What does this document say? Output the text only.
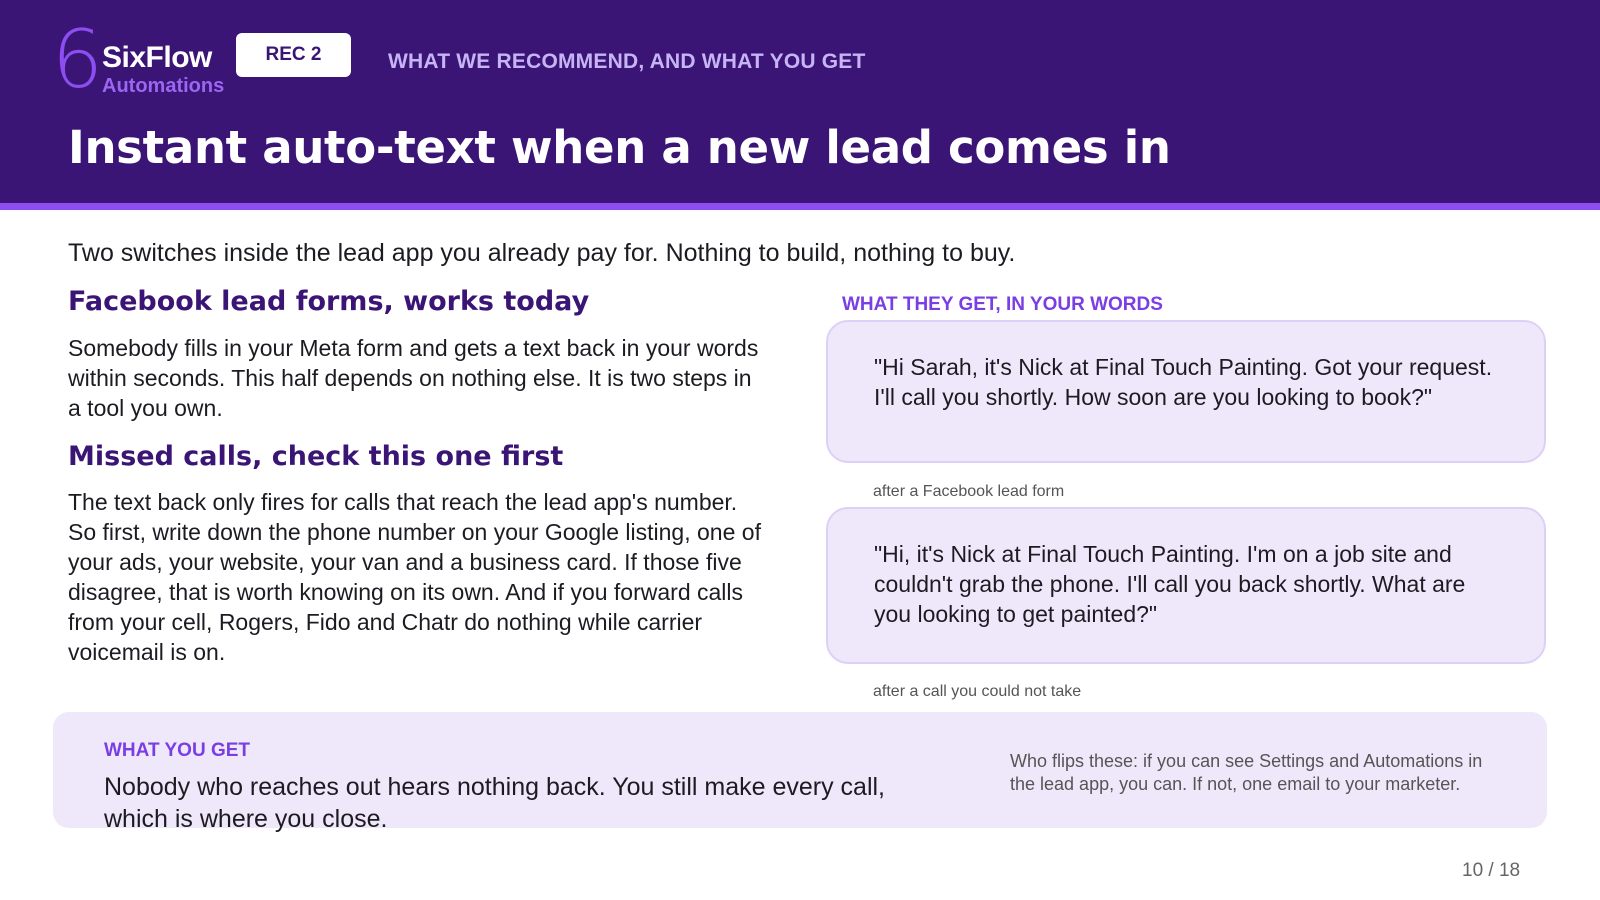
6 SixFlow
Automations
REC 2	WHAT WE RECOMMEND, AND WHAT YOU GET
Instant auto-text when a new lead comes in
Two switches inside the lead app you already pay for. Nothing to build, nothing to buy.
Facebook lead forms, works today
Somebody fills in your Meta form and gets a text back in your words within seconds. This half depends on nothing else. It is two steps in a tool you own.
Missed calls, check this one first
The text back only fires for calls that reach the lead app's number. So first, write down the phone number on your Google listing, one of your ads, your website, your van and a business card. If those five disagree, that is worth knowing on its own. And if you forward calls from your cell, Rogers, Fido and Chatr do nothing while carrier voicemail is on.
WHAT THEY GET, IN YOUR WORDS
"Hi Sarah, it's Nick at Final Touch Painting. Got your request. I'll call you shortly. How soon are you looking to book?"
after a Facebook lead form
"Hi, it's Nick at Final Touch Painting. I'm on a job site and couldn't grab the phone. I'll call you back shortly. What are you looking to get painted?"
after a call you could not take
WHAT YOU GET
Nobody who reaches out hears nothing back. You still make every call, which is where you close.
Who flips these: if you can see Settings and Automations in the lead app, you can. If not, one email to your marketer.
10 / 18
